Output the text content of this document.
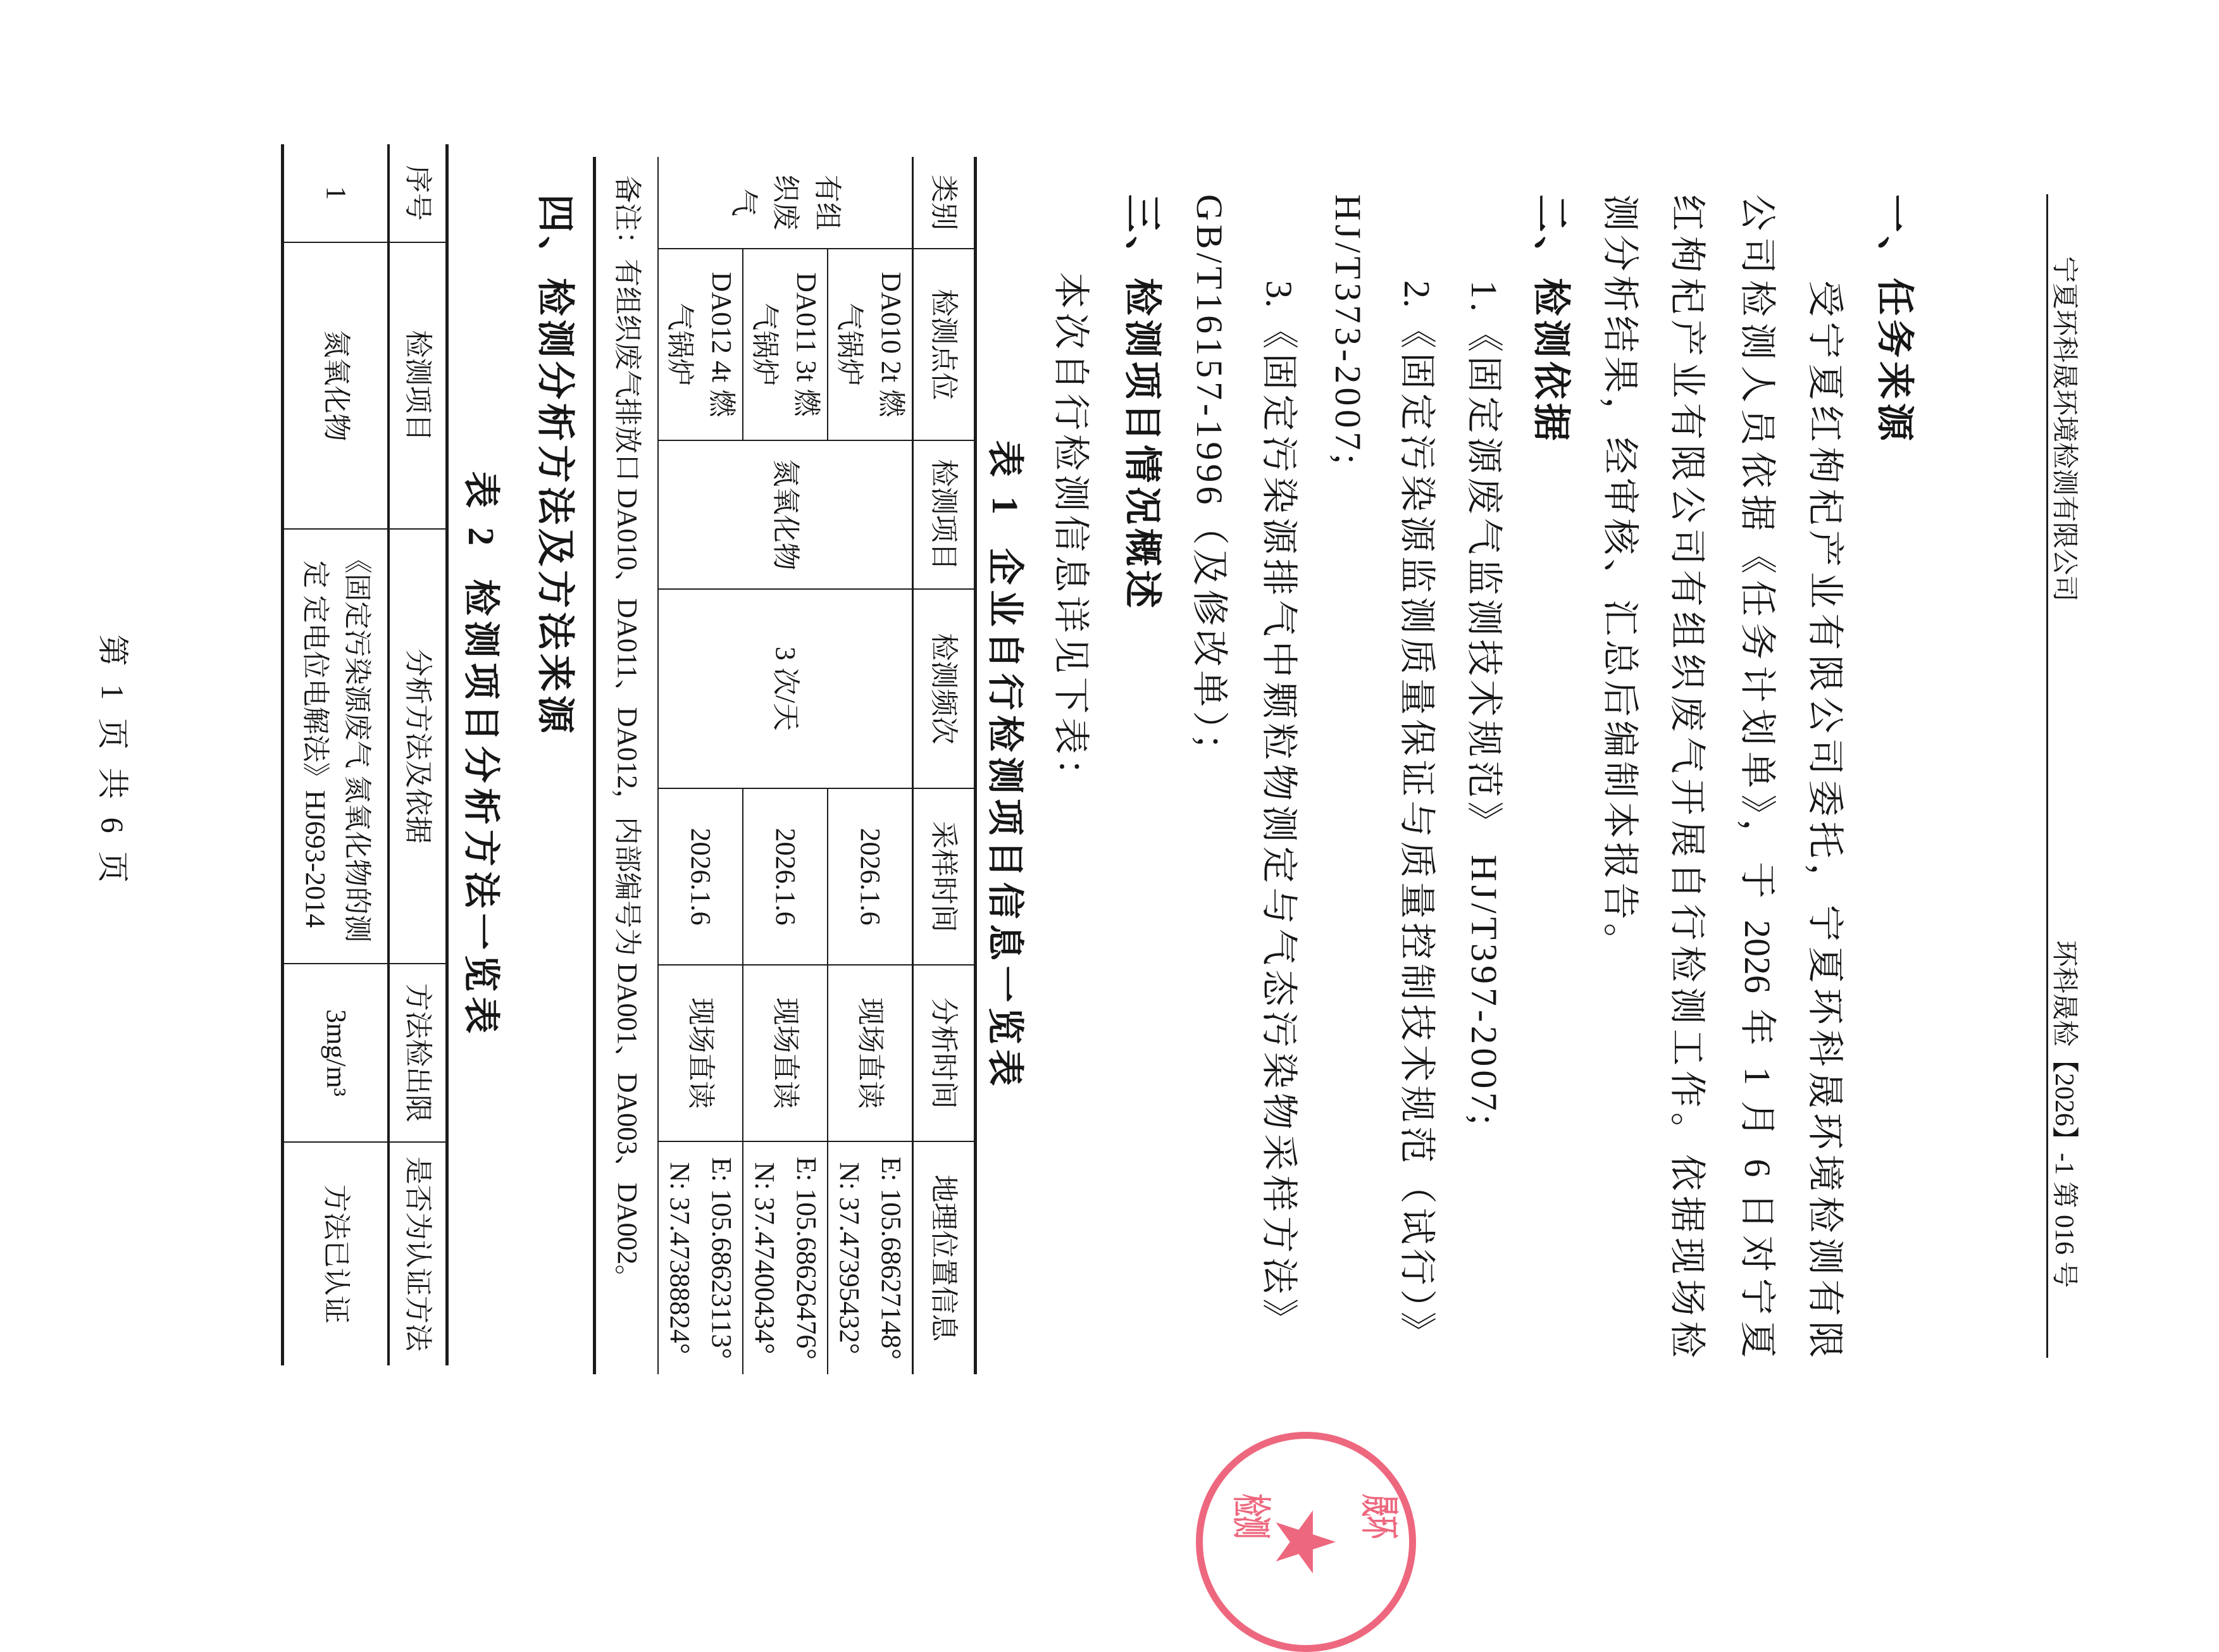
宁夏环科晟环境检测有限公司
环科晟检【2026】-1 第 016 号
一、任务来源
受宁夏红枸杞产业有限公司委托，宁夏环科晟环境检测有限
公司检测人员依据《任务计划单》，于 2026 年 1 月 6 日对宁夏
红枸杞产业有限公司有组织废气开展自行检测工作。依据现场检
测分析结果，经审核、汇总后编制本报告。
二、检测依据
1.《固定源废气监测技术规范》 HJ/T397-2007;
2.《固定污染源监测质量保证与质量控制技术规范（试行）》
HJ/T373-2007;
3.《固定污染源排气中颗粒物测定与气态污染物采样方法》
GB/T16157-1996（及修改单）；
三、检测项目情况概述
本次自行检测信息详见下表：
表 1  企业自行检测项目信息一览表
类别	检测点位	检测项目	检测频次	采样时间	分析时间	地理位置信息
有组织废气	DA010 2t 燃气锅炉	氮氧化物	3 次/天	2026.1.6	现场直读	E: 105.68627148°
N: 37.47395432°

	DA011 3t 燃气锅炉			2026.1.6	现场直读	E: 105.68626476°
N: 37.47400434°

	DA012 4t 燃气锅炉			2026.1.6	现场直读	E: 105.68623113°
N: 37.47388824°

备注：有组织废气排放口 DA010、DA011、DA012，内部编号为 DA001、DA003、DA002。						
四、检测分析方法及方法来源
表 2  检测项目分析方法一览表
序号	检测项目	分析方法及依据	方法检出限	是否为认证方法
1	氮氧化物	《固定污染源废气 氮氧化物的测定 定电位电解法》HJ693-2014	3mg/m³	方法已认证
第 1 页 共 6 页
★ 晟环
检测
